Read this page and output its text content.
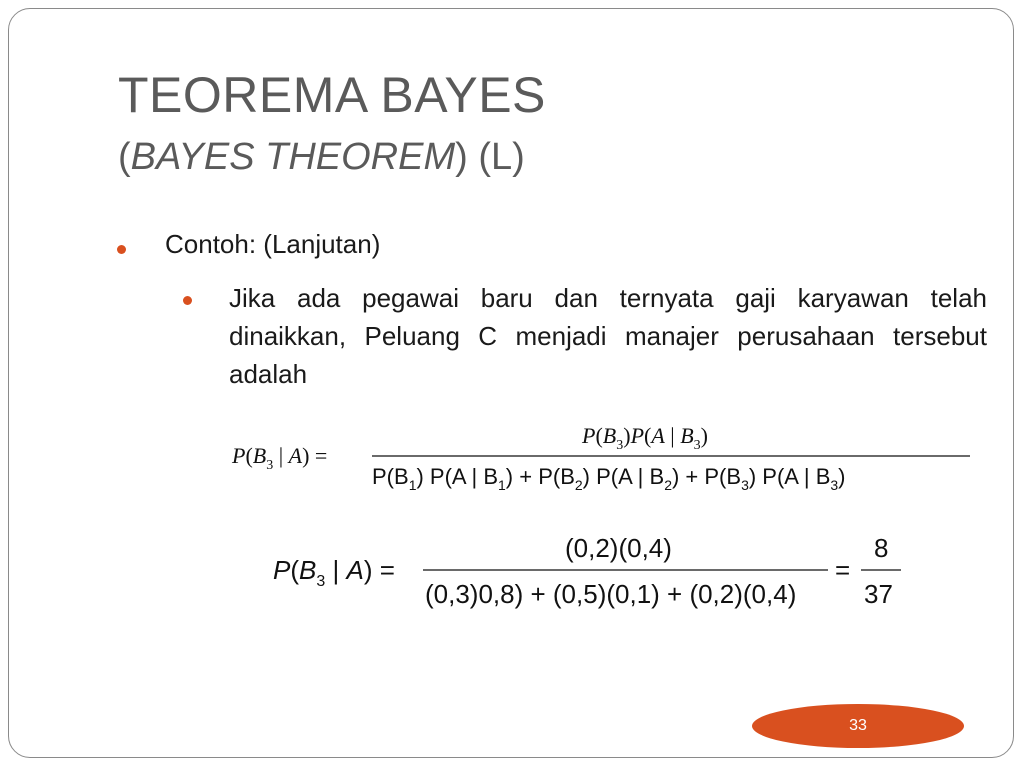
TEOREMA BAYES
(BAYES THEOREM) (L)
Contoh: (Lanjutan)
Jika ada pegawai baru dan ternyata gaji karyawan telah dinaikkan, Peluang C menjadi manajer perusahaan tersebut adalah
P(B3 | A) =
P(B3)P(A | B3)
P(B1) P(A | B1) + P(B2) P(A | B2) + P(B3) P(A | B3)
P(B3 | A) =
(0,2)(0,4)
(0,3)0,8) + (0,5)(0,1) + (0,2)(0,4)
=
8
37
33
